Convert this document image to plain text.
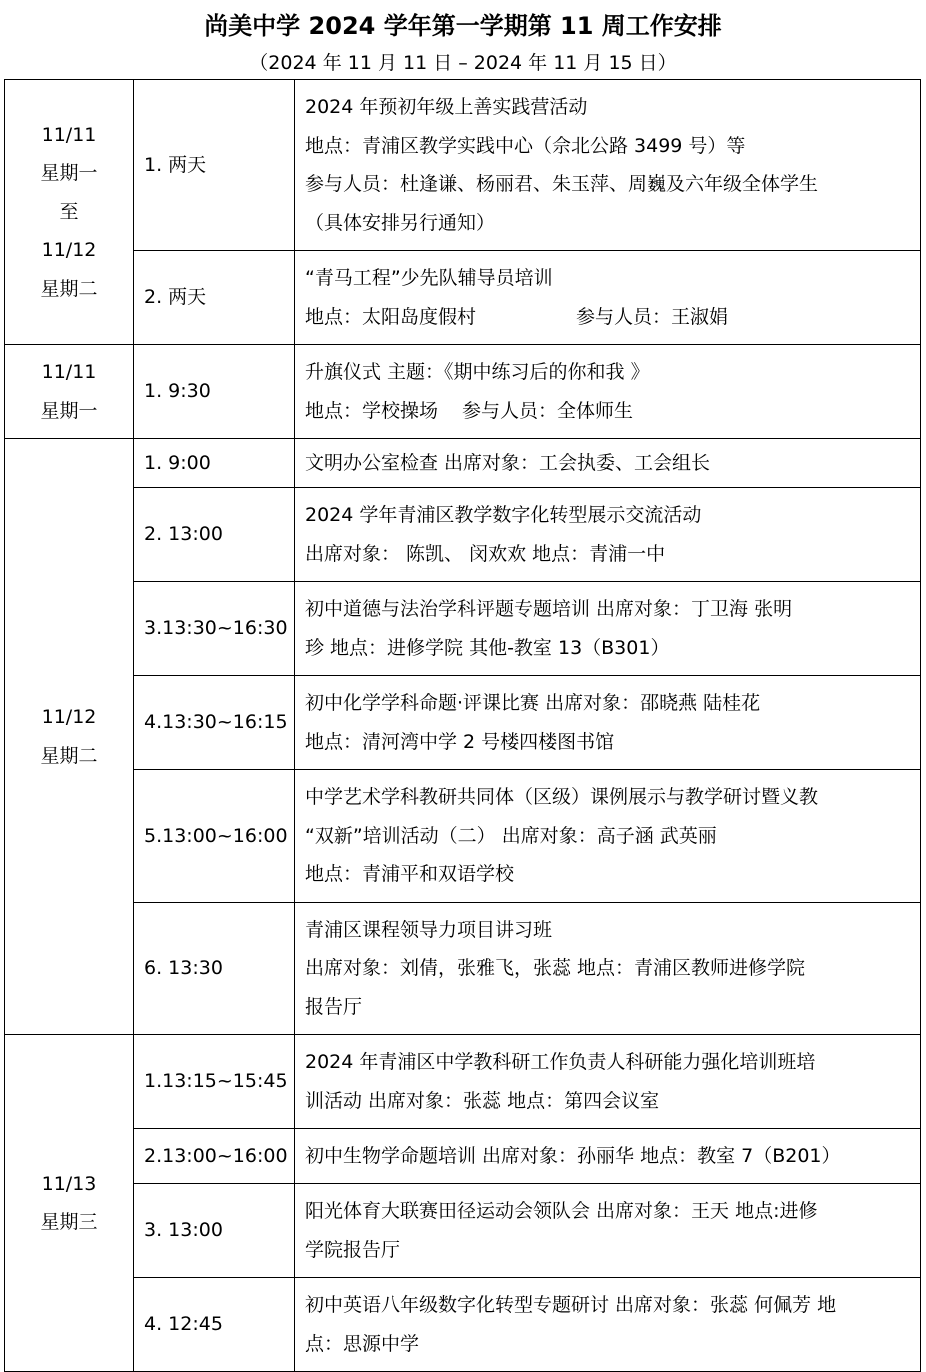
尚美中学 2024 学年第一学期第 11 周工作安排
（2024 年 11 月 11 日 – 2024 年 11 月 15 日）
11/11
星期一
至
11/12
星期二	1. 两天	2024 年预初年级上善实践营活动
地点：青浦区教学实践中心（佘北公路 3499 号）等
参与人员：杜逢谦、杨丽君、朱玉萍、周巍及六年级全体学生
（具体安排另行通知）

	2. 两天	“青马工程”少先队辅导员培训
地点：太阳岛度假村 参与人员：王淑娟

11/11
星期一	1. 9:30	升旗仪式 主题：《期中练习后的你和我 》
地点：学校操场 参与人员：全体师生

11/12
星期二	1. 9:00	文明办公室检查 出席对象：工会执委、工会组长

	2. 13:00	2024 学年青浦区教学数字化转型展示交流活动
出席对象： 陈凯、 闵欢欢 地点：青浦一中

	3.13:30~16:30	初中道德与法治学科评题专题培训 出席对象：丁卫海 张明
珍 地点：进修学院 其他-教室 13（B301）

	4.13:30~16:15	初中化学学科命题·评课比赛 出席对象：邵晓燕 陆桂花
地点：清河湾中学 2 号楼四楼图书馆

	5.13:00~16:00	中学艺术学科教研共同体（区级）课例展示与教学研讨暨义教
“双新”培训活动（二） 出席对象：高子涵 武英丽
地点：青浦平和双语学校

	6. 13:30	青浦区课程领导力项目讲习班
出席对象：刘倩，张雅飞，张蕊 地点：青浦区教师进修学院
报告厅

11/13
星期三	1.13:15~15:45	2024 年青浦区中学教科研工作负责人科研能力强化培训班培
训活动 出席对象：张蕊 地点：第四会议室

	2.13:00~16:00	初中生物学命题培训 出席对象：孙丽华 地点：教室 7（B201）

	3. 13:00	阳光体育大联赛田径运动会领队会 出席对象：王天 地点:进修
学院报告厅

	4. 12:45	初中英语八年级数字化转型专题研讨 出席对象：张蕊 何佩芳 地
点：思源中学
